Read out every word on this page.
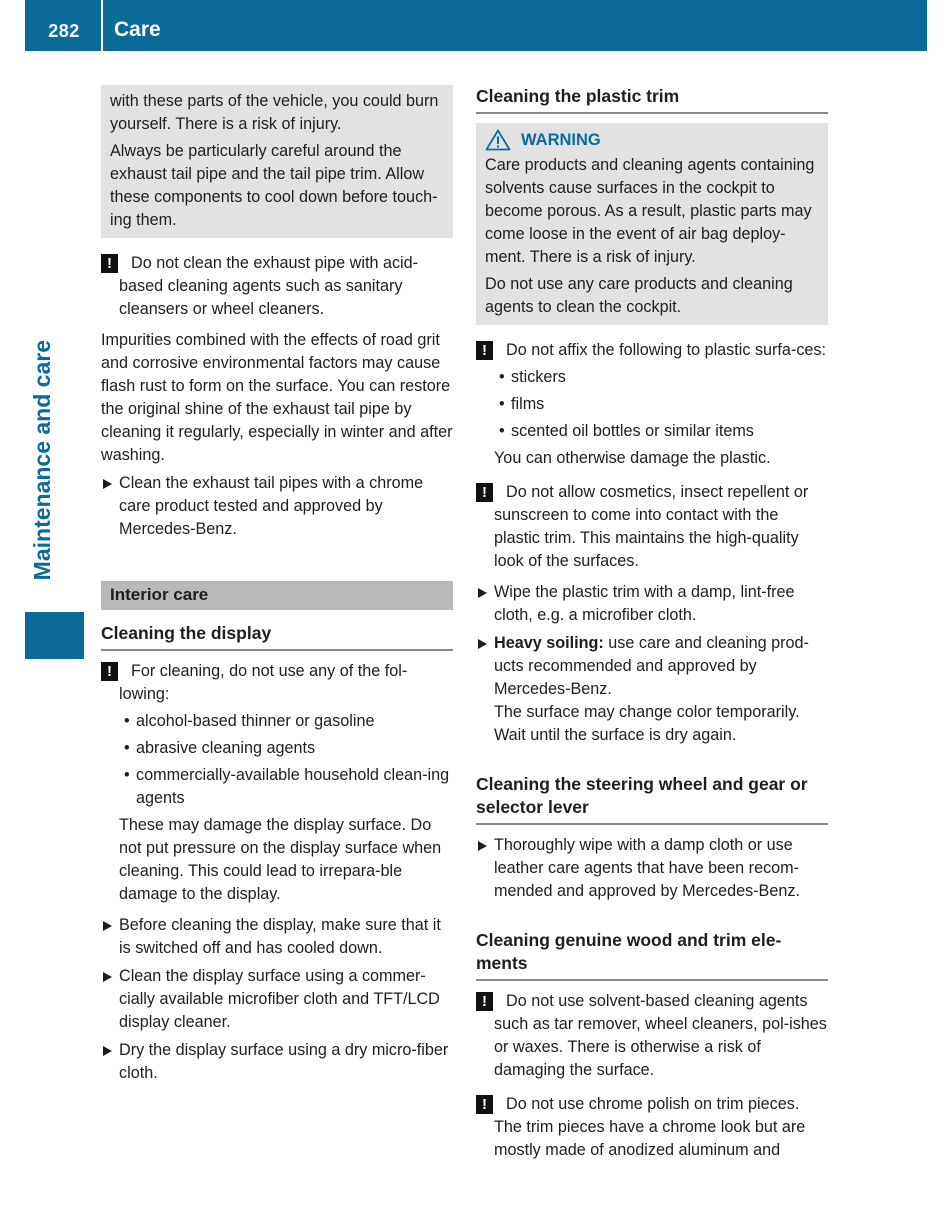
282	Care
Maintenance and care

with these parts of the vehicle, you could burn yourself. There is a risk of injury.

Always be particularly careful around the exhaust tail pipe and the tail pipe trim. Allow these components to cool down before touch-ing them.

!	Do not clean the exhaust pipe with acid-based cleaning agents such as sanitary cleansers or wheel cleaners.

Impurities combined with the effects of road grit and corrosive environmental factors may cause flash rust to form on the surface. You can restore the original shine of the exhaust tail pipe by cleaning it regularly, especially in winter and after washing.

Clean the exhaust tail pipes with a chrome care product tested and approved by Mercedes-Benz.
Interior care
Cleaning the display
!	For cleaning, do not use any of the fol-lowing:
• alcohol-based thinner or gasoline
• abrasive cleaning agents
• commercially-available household clean-ing agents
These may damage the display surface. Do not put pressure on the display surface when cleaning. This could lead to irrepara-ble damage to the display.
Before cleaning the display, make sure that it is switched off and has cooled down.
Clean the display surface using a commer-cially available microfiber cloth and TFT/LCD display cleaner.
Dry the display surface using a dry micro-fiber cloth.
Cleaning the plastic trim
WARNING

Care products and cleaning agents containing solvents cause surfaces in the cockpit to become porous. As a result, plastic parts may come loose in the event of air bag deploy-ment. There is a risk of injury.

Do not use any care products and cleaning agents to clean the cockpit.

!	Do not affix the following to plastic surfa-ces:
• stickers
• films
• scented oil bottles or similar items
You can otherwise damage the plastic.
!	Do not allow cosmetics, insect repellent or sunscreen to come into contact with the plastic trim. This maintains the high-quality look of the surfaces.
Wipe the plastic trim with a damp, lint-free cloth, e.g. a microfiber cloth.
Heavy soiling: use care and cleaning prod-ucts recommended and approved by Mercedes-Benz.
The surface may change color temporarily. Wait until the surface is dry again.
Cleaning the steering wheel and gear or selector lever
Thoroughly wipe with a damp cloth or use leather care agents that have been recom-mended and approved by Mercedes-Benz.
Cleaning genuine wood and trim ele-ments
!	Do not use solvent-based cleaning agents such as tar remover, wheel cleaners, pol-ishes or waxes. There is otherwise a risk of damaging the surface.
!	Do not use chrome polish on trim pieces. The trim pieces have a chrome look but are mostly made of anodized aluminum and
